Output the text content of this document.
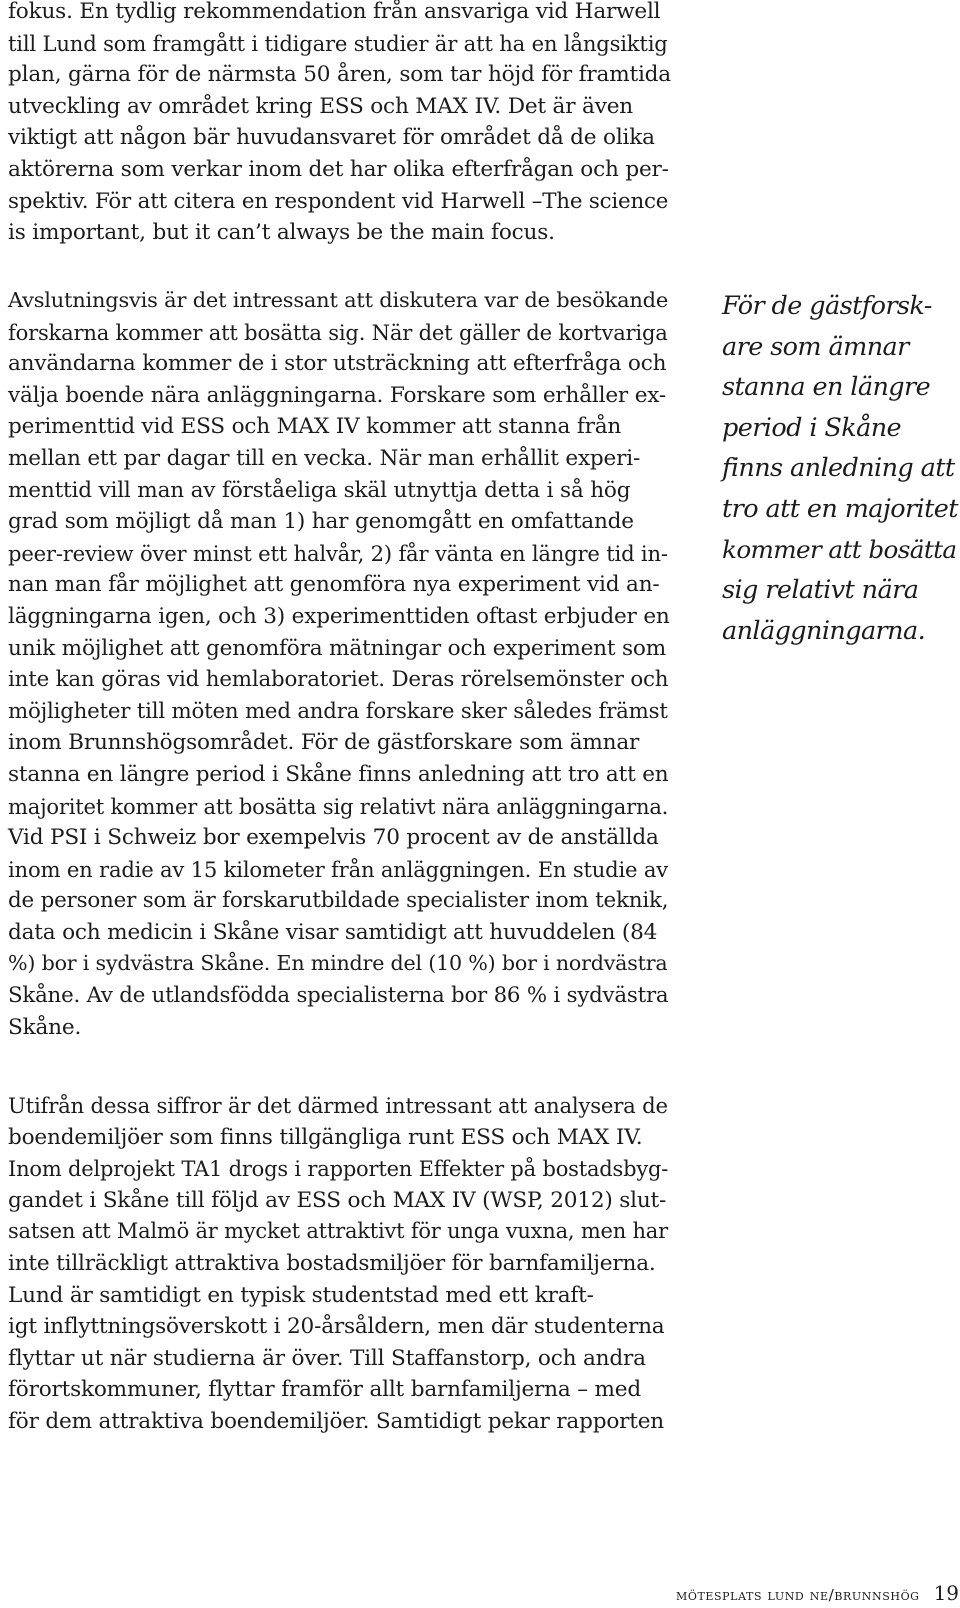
fokus. En tydlig rekommendation från ansvariga vid Harwell
till Lund som framgått i tidigare studier är att ha en långsiktig
plan, gärna för de närmsta 50 åren, som tar höjd för framtida
utveckling av området kring ESS och MAX IV. Det är även
viktigt att någon bär huvudansvaret för området då de olika
aktörerna som verkar inom det har olika efterfrågan och per-
spektiv. För att citera en respondent vid Harwell –The science
is important, but it can’t always be the main focus.

Avslutningsvis är det intressant att diskutera var de besökande
forskarna kommer att bosätta sig. När det gäller de kortvariga
användarna kommer de i stor utsträckning att efterfråga och
välja boende nära anläggningarna. Forskare som erhåller ex-
perimenttid vid ESS och MAX IV kommer att stanna från
mellan ett par dagar till en vecka. När man erhållit experi-
menttid vill man av förståeliga skäl utnyttja detta i så hög
grad som möjligt då man 1) har genomgått en omfattande
peer-review över minst ett halvår, 2) får vänta en längre tid in-
nan man får möjlighet att genomföra nya experiment vid an-
läggningarna igen, och 3) experimenttiden oftast erbjuder en
unik möjlighet att genomföra mätningar och experiment som
inte kan göras vid hemlaboratoriet. Deras rörelsemönster och
möjligheter till möten med andra forskare sker således främst
inom Brunnshögsområdet. För de gästforskare som ämnar
stanna en längre period i Skåne finns anledning att tro att en
majoritet kommer att bosätta sig relativt nära anläggningarna.
Vid PSI i Schweiz bor exempelvis 70 procent av de anställda
inom en radie av 15 kilometer från anläggningen. En studie av
de personer som är forskarutbildade specialister inom teknik,
data och medicin i Skåne visar samtidigt att huvuddelen (84
%) bor i sydvästra Skåne. En mindre del (10 %) bor i nordvästra
Skåne. Av de utlandsfödda specialisterna bor 86 % i sydvästra
Skåne.

Utifrån dessa siffror är det därmed intressant att analysera de
boendemiljöer som finns tillgängliga runt ESS och MAX IV.
Inom delprojekt TA1 drogs i rapporten Effekter på bostadsbyg-
gandet i Skåne till följd av ESS och MAX IV (WSP, 2012) slut-
satsen att Malmö är mycket attraktivt för unga vuxna, men har
inte tillräckligt attraktiva bostadsmiljöer för barnfamiljerna.
Lund är samtidigt en typisk studentstad med ett kraft-
igt inflyttningsöverskott i 20-årsåldern, men där studenterna
flyttar ut när studierna är över. Till Staffanstorp, och andra
förortskommuner, flyttar framför allt barnfamiljerna – med
för dem attraktiva boendemiljöer. Samtidigt pekar rapporten

För de gästforsk-
are som ämnar
stanna en längre
period i Skåne
finns anledning att
tro att en majoritet
kommer att bosätta
sig relativt nära
anläggningarna.

mötesplats lund ne/brunnshög 19
